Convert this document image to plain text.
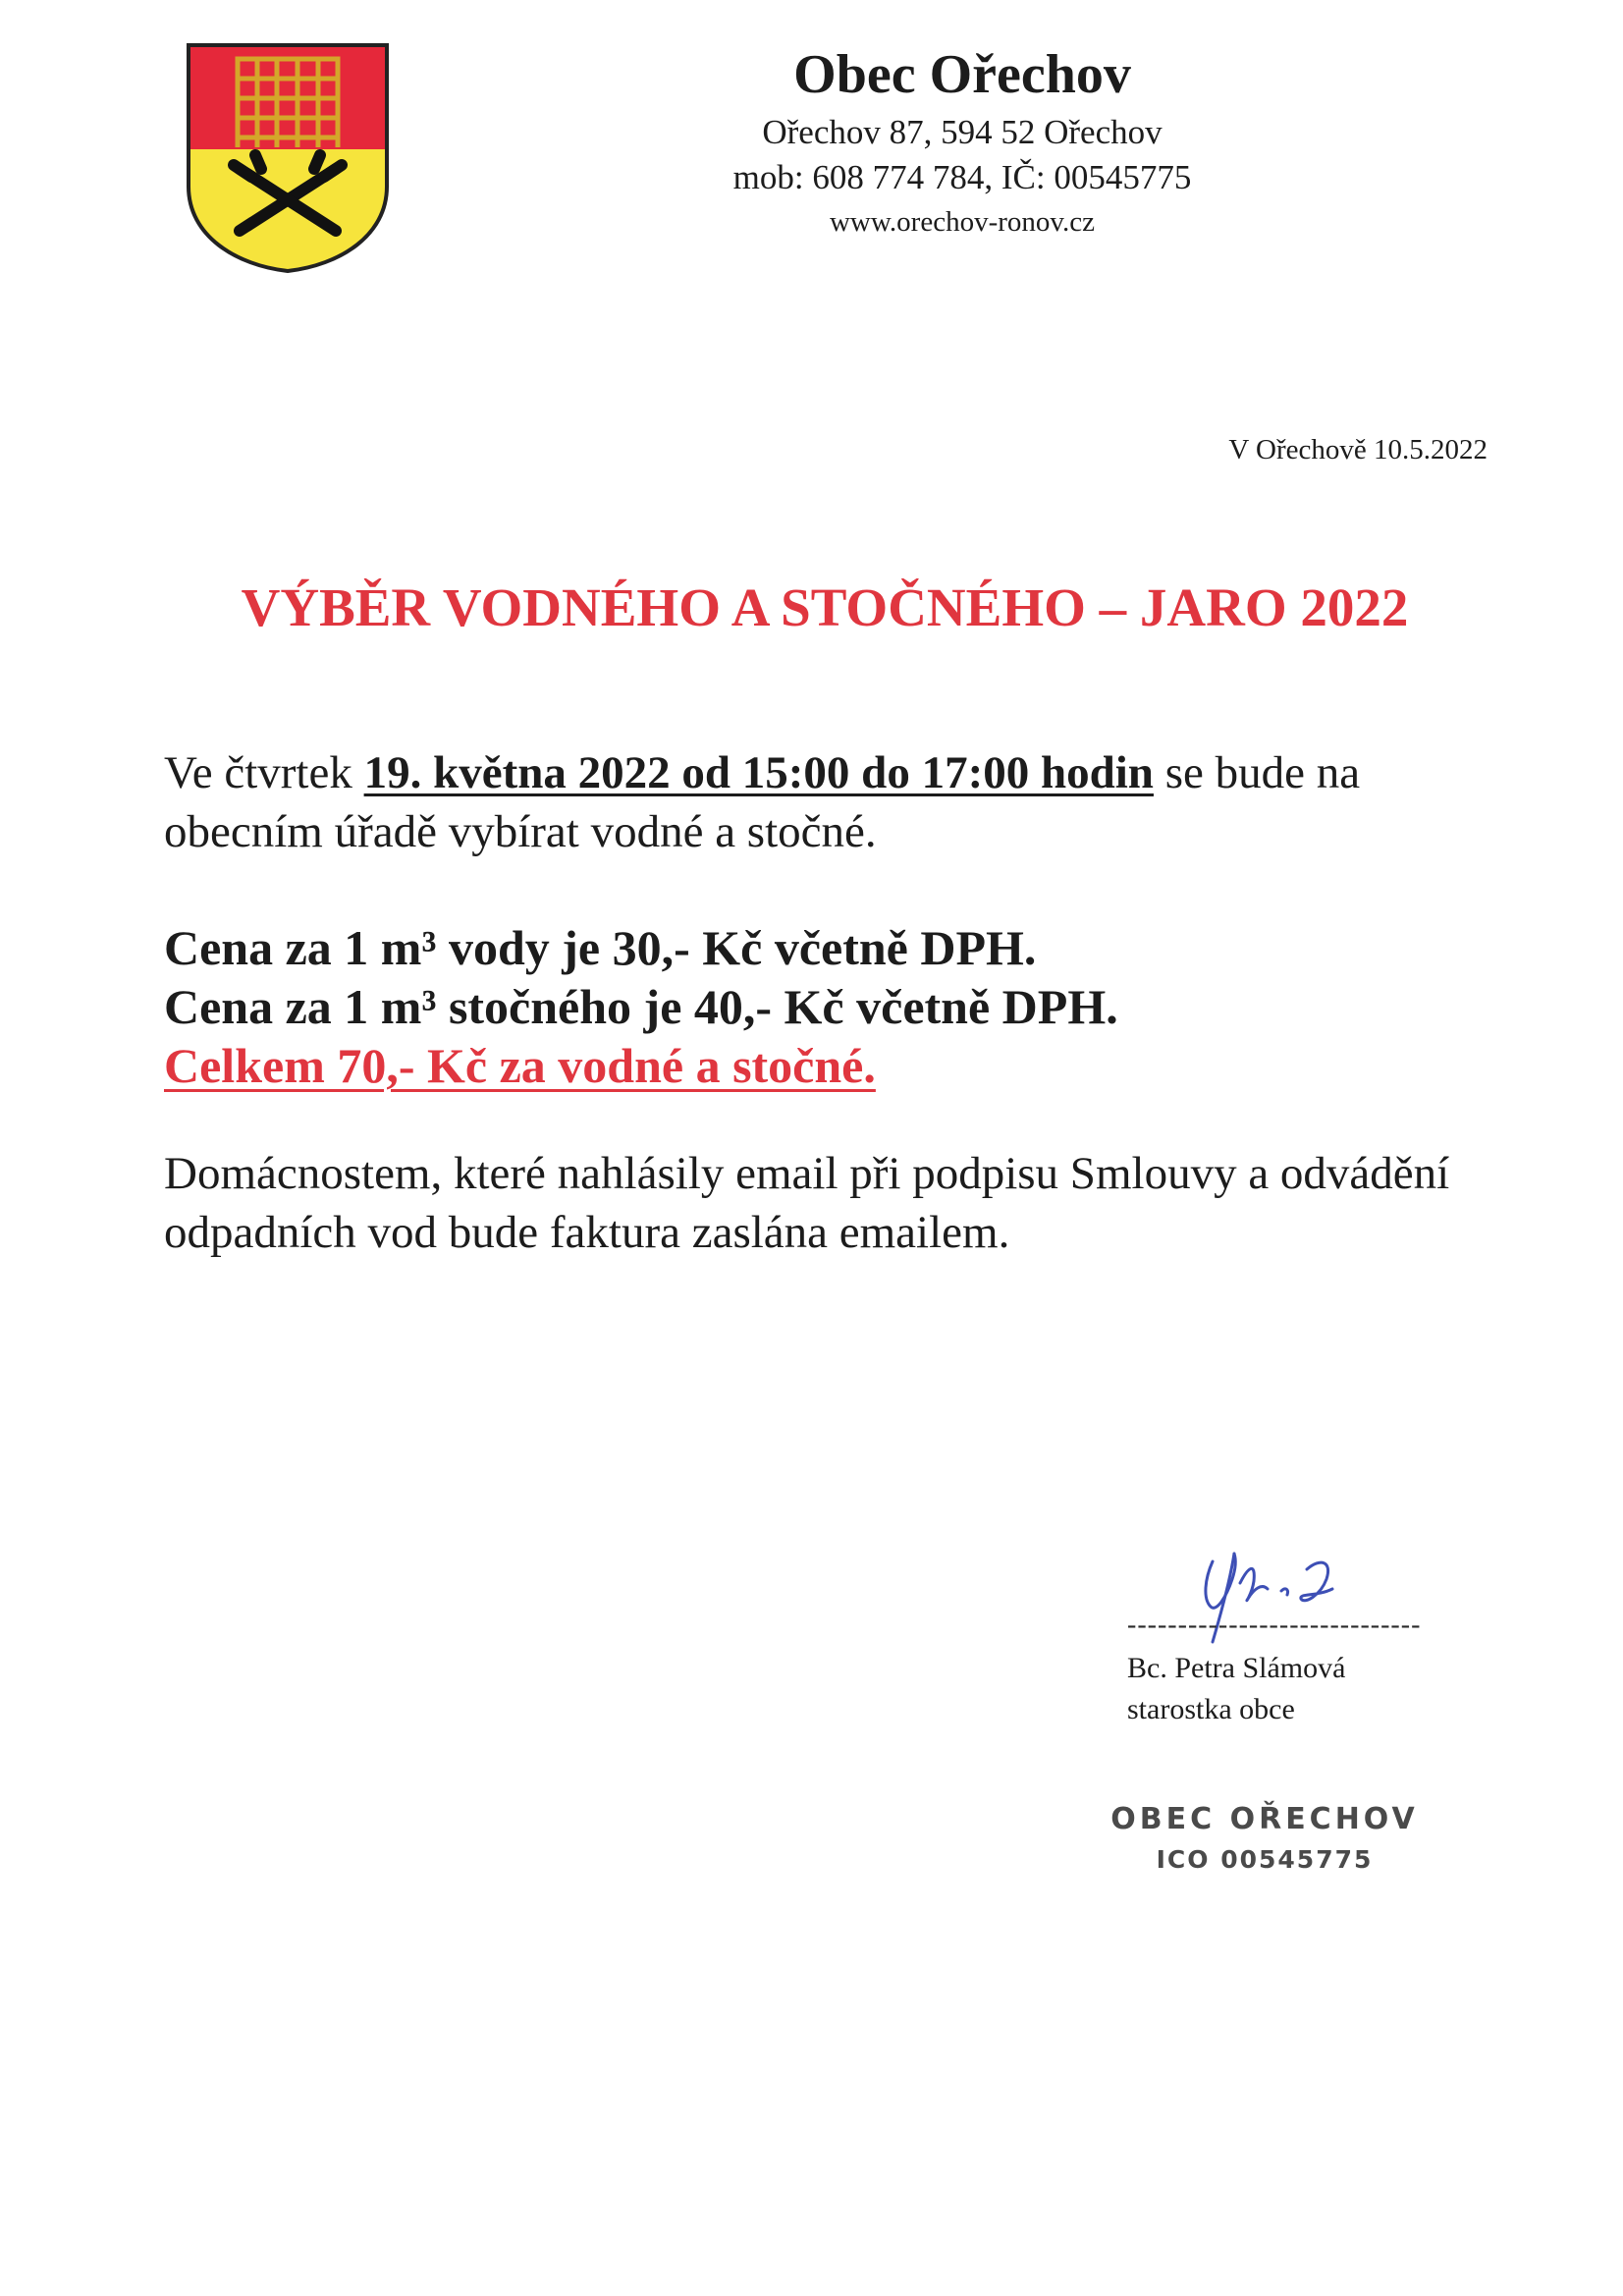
Obec Ořechov

Ořechov 87, 594 52 Ořechov

mob: 608 774 784, IČ: 00545775

www.orechov-ronov.cz

V Ořechově 10.5.2022
VÝBĚR VODNÉHO A STOČNÉHO – JARO 2022

Ve čtvrtek 19. května 2022 od 15:00 do 17:00 hodin se bude na obecním úřadě vybírat vodné a stočné.

Cena za 1 m³ vody je 30,- Kč včetně DPH.

Cena za 1 m³ stočného je 40,- Kč včetně DPH.

Celkem 70,- Kč za vodné a stočné.

Domácnostem, které nahlásily email při podpisu Smlouvy a odvádění odpadních vod bude faktura zaslána emailem.

-----------------------------

Bc. Petra Slámová

starostka obce

OBEC OŘECHOV

ICO 00545775
